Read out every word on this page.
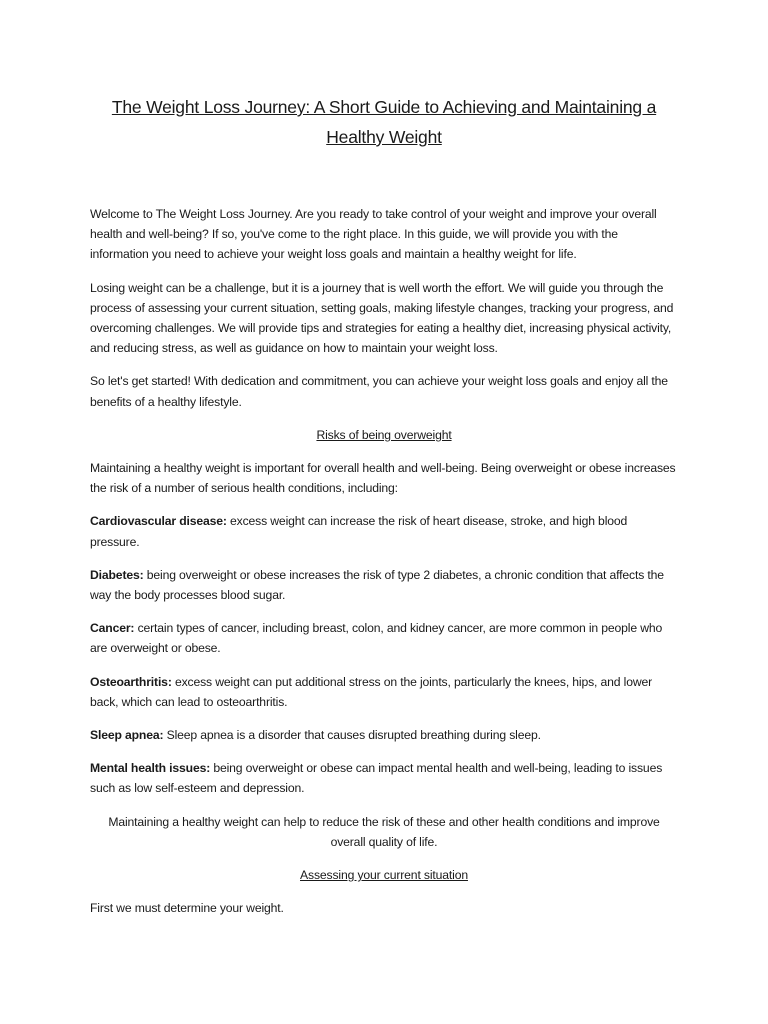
The Weight Loss Journey: A Short Guide to Achieving and Maintaining a Healthy Weight

Welcome to The Weight Loss Journey. Are you ready to take control of your weight and improve your overall health and well-being? If so, you've come to the right place. In this guide, we will provide you with the information you need to achieve your weight loss goals and maintain a healthy weight for life.

Losing weight can be a challenge, but it is a journey that is well worth the effort. We will guide you through the process of assessing your current situation, setting goals, making lifestyle changes, tracking your progress, and overcoming challenges. We will provide tips and strategies for eating a healthy diet, increasing physical activity, and reducing stress, as well as guidance on how to maintain your weight loss.

So let's get started! With dedication and commitment, you can achieve your weight loss goals and enjoy all the benefits of a healthy lifestyle.

Risks of being overweight

Maintaining a healthy weight is important for overall health and well-being. Being overweight or obese increases the risk of a number of serious health conditions, including:

Cardiovascular disease: excess weight can increase the risk of heart disease, stroke, and high blood pressure.

Diabetes: being overweight or obese increases the risk of type 2 diabetes, a chronic condition that affects the way the body processes blood sugar.

Cancer: certain types of cancer, including breast, colon, and kidney cancer, are more common in people who are overweight or obese.

Osteoarthritis: excess weight can put additional stress on the joints, particularly the knees, hips, and lower back, which can lead to osteoarthritis.

Sleep apnea: Sleep apnea is a disorder that causes disrupted breathing during sleep.

Mental health issues: being overweight or obese can impact mental health and well-being, leading to issues such as low self-esteem and depression.

Maintaining a healthy weight can help to reduce the risk of these and other health conditions and improve overall quality of life.

Assessing your current situation

First we must determine your weight.
